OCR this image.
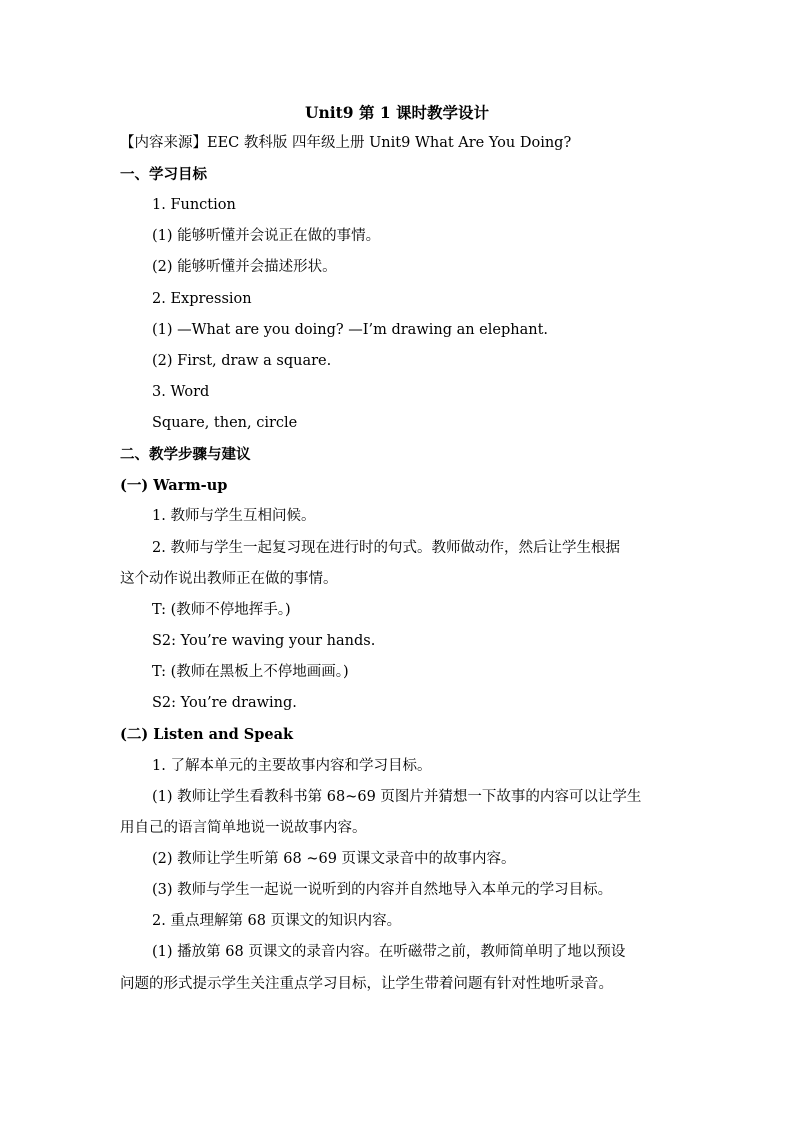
Unit9 第 1 课时教学设计
【内容来源】EEC 教科版 四年级上册 Unit9 What Are You Doing?
一、学习目标
1. Function
(1) 能够听懂并会说正在做的事情。
(2) 能够听懂并会描述形状。
2. Expression
(1) —What are you doing? —I’m drawing an elephant.
(2) First, draw a square.
3. Word
Square, then, circle
二、教学步骤与建议
(一) Warm-up
1. 教师与学生互相问候。
2. 教师与学生一起复习现在进行时的句式。教师做动作，然后让学生根据
这个动作说出教师正在做的事情。
T: (教师不停地挥手。)
S2: You’re waving your hands.
T: (教师在黑板上不停地画画。)
S2: You’re drawing.
(二) Listen and Speak
1. 了解本单元的主要故事内容和学习目标。
(1) 教师让学生看教科书第 68~69 页图片并猜想一下故事的内容可以让学生
用自己的语言简单地说一说故事内容。
(2) 教师让学生听第 68 ~69 页课文录音中的故事内容。
(3) 教师与学生一起说一说听到的内容并自然地导入本单元的学习目标。
2. 重点理解第 68 页课文的知识内容。
(1) 播放第 68 页课文的录音内容。在听磁带之前，教师简单明了地以预设
问题的形式提示学生关注重点学习目标，让学生带着问题有针对性地听录音。
